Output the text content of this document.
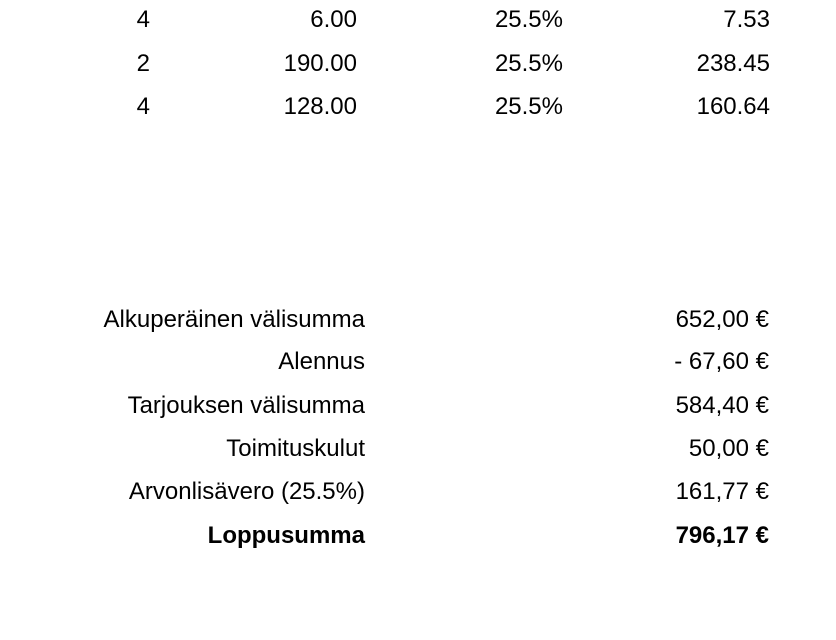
4	6.00	25.5%	7.53
2	190.00	25.5%	238.45
4	128.00	25.5%	160.64
Alkuperäinen välisumma	652,00 €
Alennus	- 67,60 €
Tarjouksen välisumma	584,40 €
Toimituskulut	50,00 €
Arvonlisävero (25.5%)	161,77 €
Loppusumma	796,17 €
